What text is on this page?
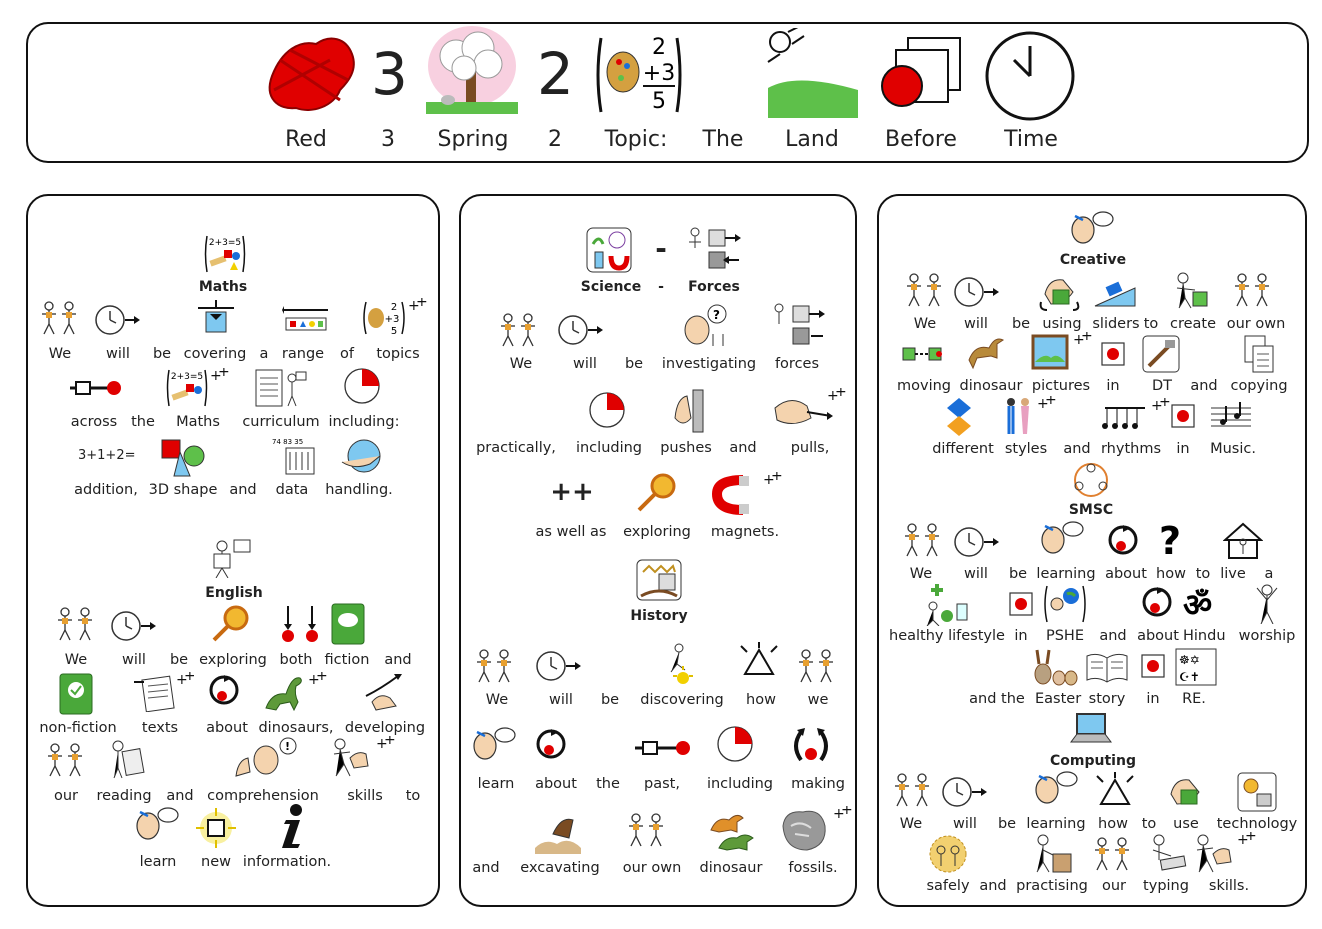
3 2	2
+3
5
Red	3	Spring	2	Topic:	The	Land	Before	Time
2+3=5
Maths
2
+3
5
We	will	be covering a range	of	topics
2+3=5
across the	Maths	curriculum including:
3+1+2=
74 83 35
addition, 3D shape and data handling.
English
We	will	be exploring both fiction	and
non-fiction texts about dinosaurs, developing
!
our	reading	and comprehension	skills	to
learn	new information.
-
Science	-	Forces
?
We	will	be	investigating	forces
practically,	including	pushes	and	pulls,
++
as well as	exploring	magnets.
History
We	will	be	discovering	how	we
learn	about the	past,	including	making
and	excavating	our own	dinosaur	fossils.
Creative
We	will be using sliders to create our own
moving dinosaur pictures	in	DT	and copying
different styles	and rhythms	in	Music.
SMSC
?
We	will be learning about how to live	a
ॐ
healthy lifestyle in	PSHE	and about Hindu worship
☸✡
☪✝
and the Easter story	in	RE.
Computing
We	will	be learning how to	use	technology
safely and practising our typing skills.
